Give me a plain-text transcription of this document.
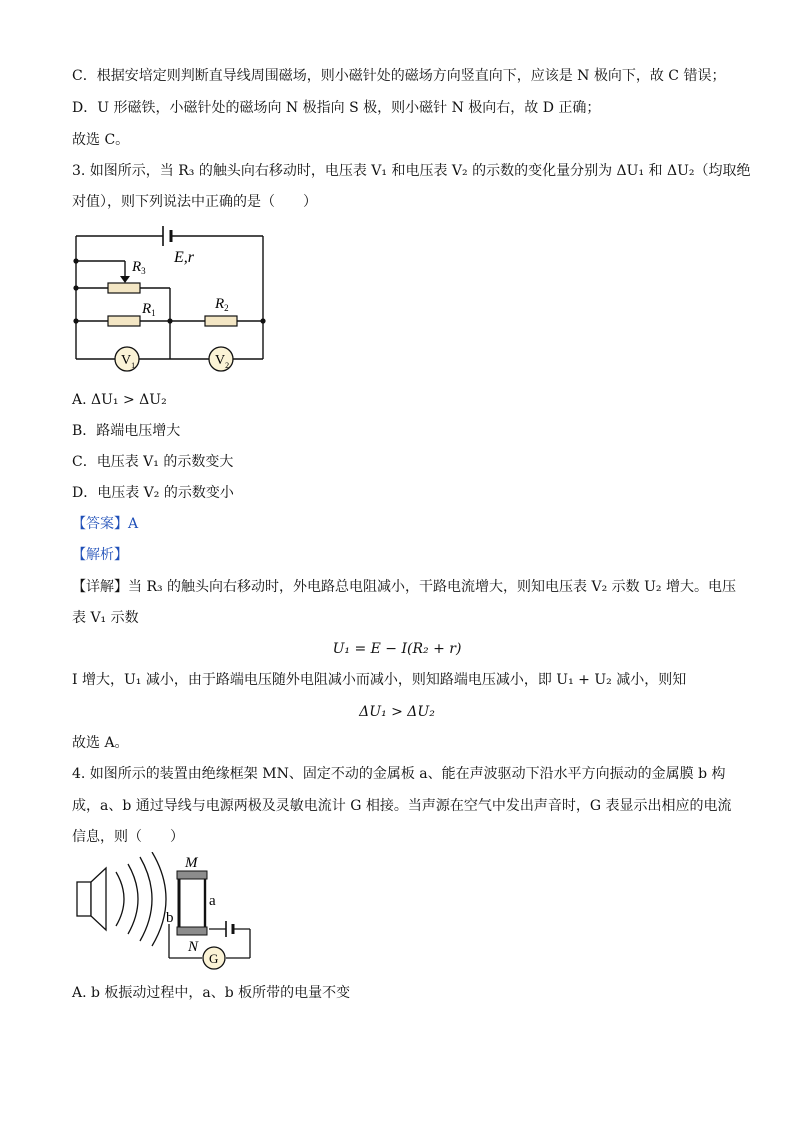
C．根据安培定则判断直导线周围磁场，则小磁针处的磁场方向竖直向下，应该是 N 极向下，故 C 错误；
D．U 形磁铁，小磁针处的磁场向 N 极指向 S 极，则小磁针 N 极向右，故 D 正确；
故选 C。
3. 如图所示，当 R₃ 的触头向右移动时，电压表 V₁ 和电压表 V₂ 的示数的变化量分别为 ΔU₁ 和 ΔU₂（均取绝
对值），则下列说法中正确的是（　　）
E,r
$R_3$
$R_1$
$R_2$
$V_1$	$V_2$
A. ΔU₁ > ΔU₂
B．路端电压增大
C．电压表 V₁ 的示数变大
D．电压表 V₂ 的示数变小
【答案】A
【解析】
【详解】当 R₃ 的触头向右移动时，外电路总电阻减小，干路电流增大，则知电压表 V₂ 示数 U₂ 增大。电压
表 V₁ 示数
U₁ = E − I(R₂ + r)
I 增大，U₁ 减小，由于路端电压随外电阻减小而减小，则知路端电压减小，即 U₁ + U₂ 减小，则知
ΔU₁ > ΔU₂
故选 A。
4. 如图所示的装置由绝缘框架 MN、固定不动的金属板 a、能在声波驱动下沿水平方向振动的金属膜 b 构
成，a、b 通过导线与电源两极及灵敏电流计 G 相接。当声源在空气中发出声音时，G 表显示出相应的电流
信息，则（　　）
G
M
N
a
b
A. b 板振动过程中，a、b 板所带的电量不变
